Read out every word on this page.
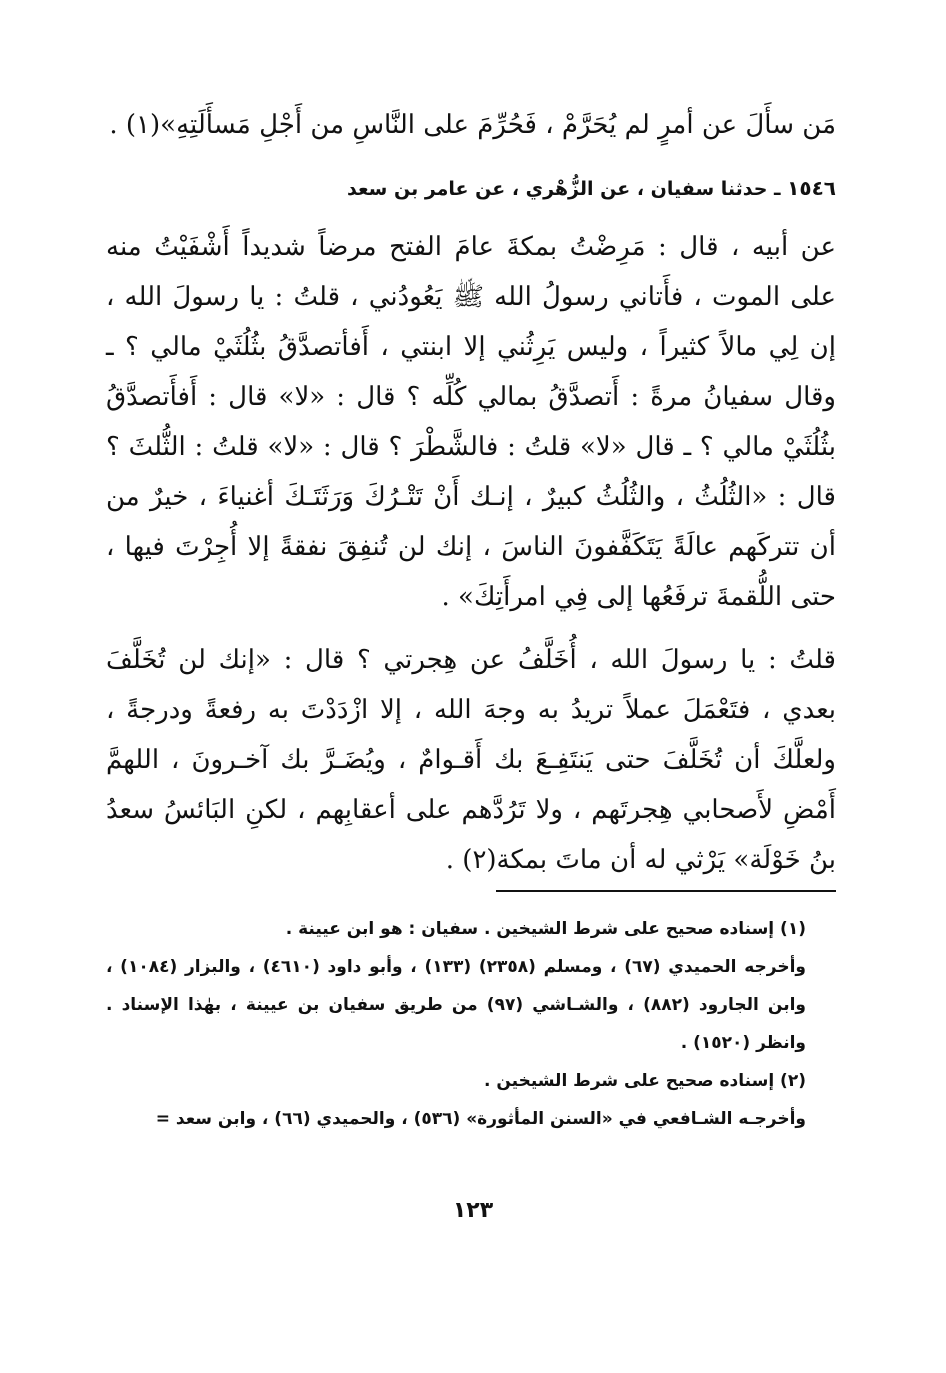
مَن سأَلَ عن أمرٍ لم يُحَرَّمْ ، فَحُرِّمَ على النَّاسِ من أَجْلِ مَسأَلَتِهِ»(١) .

١٥٤٦ ـ حدثنا سفيان ، عن الزُّهْري ، عن عامر بن سعد

عن أبيه ، قال : مَرِضْتُ بمكةَ عامَ الفتح مرضاً شديداً أَشْفَيْتُ منه على الموت ، فأَتاني رسولُ الله ﷺ يَعُودُني ، قلتُ : يا رسولَ الله ، إن لِي مالاً كثيراً ، وليس يَرِثُني إلا ابنتي ، أَفأتصدَّقُ بثُلُثَيْ مالي ؟ ـ وقال سفيانُ مرةً : أَتصدَّقُ بمالي كُلِّه ؟ قال : «لا» قال : أَفأَتصدَّقُ بثُلُثَيْ مالي ؟ ـ قال «لا» قلتُ : فالشَّطْرَ ؟ قال : «لا» قلتُ : الثُّلثَ ؟ قال : «الثُلُثُ ، والثُلُثُ كبيرٌ ، إنـك أَنْ تَتْـرُكَ وَرَثَتَـكَ أغنياءَ ، خيرٌ من أن تتركَهم عالَةً يَتَكَفَّفونَ الناسَ ، إنك لن تُنفِقَ نفقةً إلا أُجِرْتَ فيها ، حتى اللُّقمةَ ترفَعُها إلى فِي امرأَتِكَ» .

قلتُ : يا رسولَ الله ، أُخَلَّفُ عن هِجرتي ؟ قال : «إنك لن تُخَلَّفَ بعدي ، فتَعْمَلَ عملاً تريدُ به وجهَ الله ، إلا ازْدَدْتَ به رفعةً ودرجةً ، ولعلَّكَ أن تُخَلَّفَ حتى يَنتَفِـعَ بك أَقـوامٌ ، ويُضَـرَّ بك آخـرونَ ، اللهمَّ أَمْضِ لأَصحابي هِجرتَهم ، ولا تَرُدَّهم على أعقابِهم ، لكنِ البَائسُ سعدُ بنُ خَوْلَة» يَرْثي له أن ماتَ بمكة(٢) .

(١) إسناده صحيح على شرط الشيخين . سفيان : هو ابن عيينة .

وأخرجه الحميدي (٦٧) ، ومسلم (٢٣٥٨) (١٣٣) ، وأبو داود (٤٦١٠) ، والبزار (١٠٨٤) ، وابن الجارود (٨٨٢) ، والشـاشي (٩٧) من طريق سفيان بن عيينة ، بهٰذا الإسناد . وانظر (١٥٢٠) .

(٢) إسناده صحيح على شرط الشيخين .

وأخرجـه الشـافعي في «السنن المأثورة» (٥٣٦) ، والحميدي (٦٦) ، وابن سعد =

١٢٣
